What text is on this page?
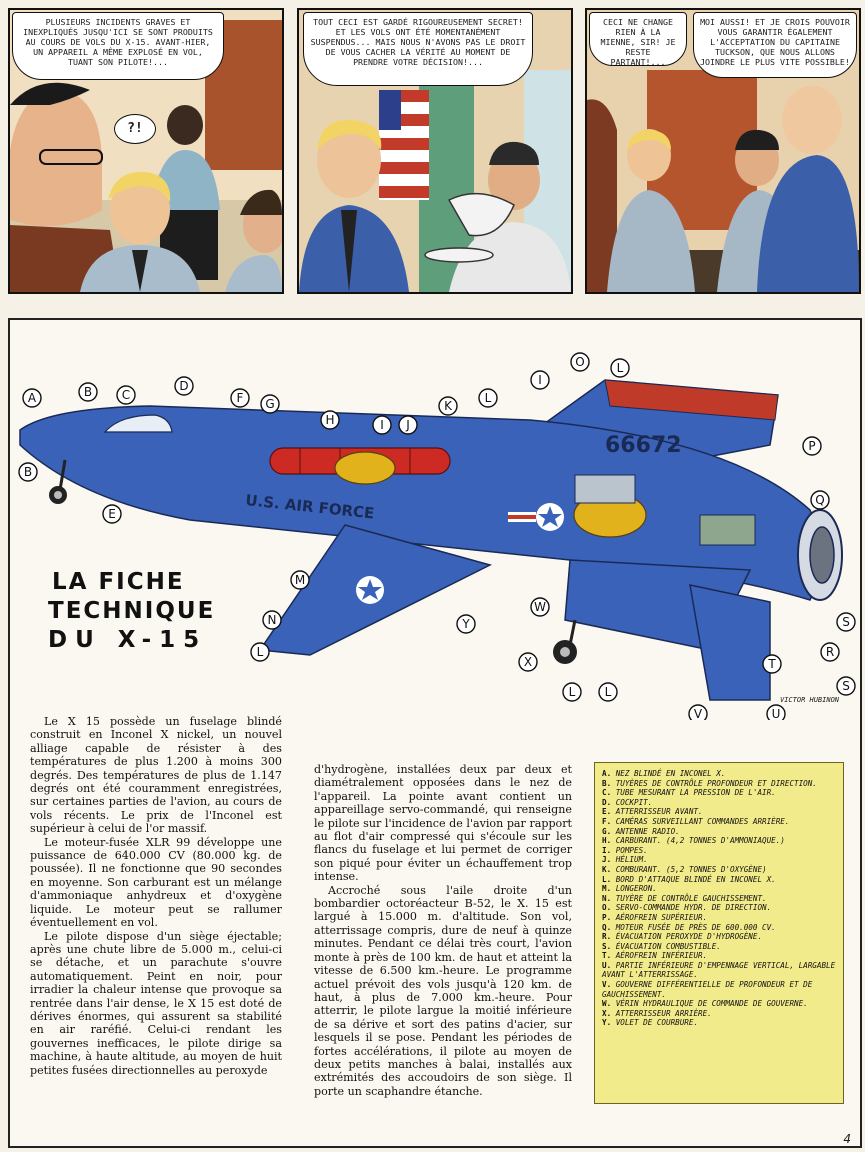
PLUSIEURS INCIDENTS GRAVES ET INEXPLIQUÉS JUSQU'ICI SE SONT PRODUITS AU COURS DE VOLS DU X-15. AVANT-HIER, UN APPAREIL A MÊME EXPLOSÉ EN VOL, TUANT SON PILOTE!...

?!

TOUT CECI EST GARDÉ RIGOUREUSEMENT SECRET! ET LES VOLS ONT ÉTÉ MOMENTANÉMENT SUSPENDUS... MAIS NOUS N'AVONS PAS LE DROIT DE VOUS CACHER LA VÉRITÉ AU MOMENT DE PRENDRE VOTRE DÉCISION!...

CECI NE CHANGE RIEN À LA MIENNE, SIR! JE RESTE PARTANT!...

MOI AUSSI! ET JE CROIS POUVOIR VOUS GARANTIR ÉGALEMENT L'ACCEPTATION DU CAPITAINE TUCKSON, QUE NOUS ALLONS JOINDRE LE PLUS VITE POSSIBLE!

66672
U.S. AIR FORCE
A	B
B
C
D
F G
H	I J
K
L
I
O	L
P
Q
E
M
N
L
W
Y
X
L L
V
T
U
R
S
S
LA FICHE
TECHNIQUE
DU X-15
VICTOR HUBINON

Le X 15 possède un fuselage blindé construit en Inconel X nickel, un nouvel alliage capable de résister à des températures de plus 1.200 à moins 300 degrés. Des températures de plus de 1.147 degrés ont été couramment enregistrées, sur certaines parties de l'avion, au cours de vols récents. Le prix de l'Inconel est supérieur à celui de l'or massif.

Le moteur-fusée XLR 99 développe une puissance de 640.000 CV (80.000 kg. de poussée). Il ne fonctionne que 90 secondes en moyenne. Son carburant est un mélange d'ammoniaque anhydreux et d'oxygène liquide. Le moteur peut se rallumer éventuellement en vol.

Le pilote dispose d'un siège éjectable; après une chute libre de 5.000 m., celui-ci se détache, et un parachute s'ouvre automatiquement. Peint en noir, pour irradier la chaleur intense que provoque sa rentrée dans l'air dense, le X 15 est doté de dérives énormes, qui assurent sa stabilité en air raréfié. Celui-ci rendant les gouvernes inefficaces, le pilote dirige sa machine, à haute altitude, au moyen de huit petites fusées directionnelles au peroxyde

d'hydrogène, installées deux par deux et diamétralement opposées dans le nez de l'appareil. La pointe avant contient un appareillage servo-commandé, qui renseigne le pilote sur l'incidence de l'avion par rapport au flot d'air compressé qui s'écoule sur les flancs du fuselage et lui permet de corriger son piqué pour éviter un échauffement trop intense.

Accroché sous l'aile droite d'un bombardier octoréacteur B-52, le X. 15 est largué à 15.000 m. d'altitude. Son vol, atterrissage compris, dure de neuf à quinze minutes. Pendant ce délai très court, l'avion monte à près de 100 km. de haut et atteint la vitesse de 6.500 km.-heure. Le programme actuel prévoit des vols jusqu'à 120 km. de haut, à plus de 7.000 km.-heure. Pour atterrir, le pilote largue la moitié inférieure de sa dérive et sort des patins d'acier, sur lesquels il se pose. Pendant les périodes de fortes accélérations, il pilote au moyen de deux petits manches à balai, installés aux extrémités des accoudoirs de son siège. Il porte un scaphandre étanche.

A. NEZ BLINDÉ EN INCONEL X.
B. TUYÈRES DE CONTRÔLE PROFONDEUR ET DIRECTION.
C. TUBE MESURANT LA PRESSION DE L'AIR.
D. COCKPIT.
E. ATTERRISSEUR AVANT.
F. CAMÉRAS SURVEILLANT COMMANDES ARRIÈRE.
G. ANTENNE RADIO.
H. CARBURANT. (4,2 TONNES D'AMMONIAQUE.)
I. POMPES.
J. HÉLIUM.
K. COMBURANT. (5,2 TONNES D'OXYGÈNE)
L. BORD D'ATTAQUE BLINDÉ EN INCONEL X.
M. LONGERON.
N. TUYÈRE DE CONTRÔLE GAUCHISSEMENT.
O. SERVO-COMMANDE HYDR. DE DIRECTION.
P. AÉROFREIN SUPÉRIEUR.
Q. MOTEUR FUSÉE DE PRÈS DE 600.000 CV.
R. ÉVACUATION PEROXYDE D'HYDROGÈNE.
S. ÉVACUATION COMBUSTIBLE.
T. AÉROFREIN INFÉRIEUR.
U. PARTIE INFÉRIEURE D'EMPENNAGE VERTICAL, LARGABLE AVANT L'ATTERRISSAGE.
V. GOUVERNE DIFFÉRENTIELLE DE PROFONDEUR ET DE GAUCHISSEMENT.
W. VÉRIN HYDRAULIQUE DE COMMANDE DE GOUVERNE.
X. ATTERRISSEUR ARRIÈRE.
Y. VOLET DE COURBURE.
4
